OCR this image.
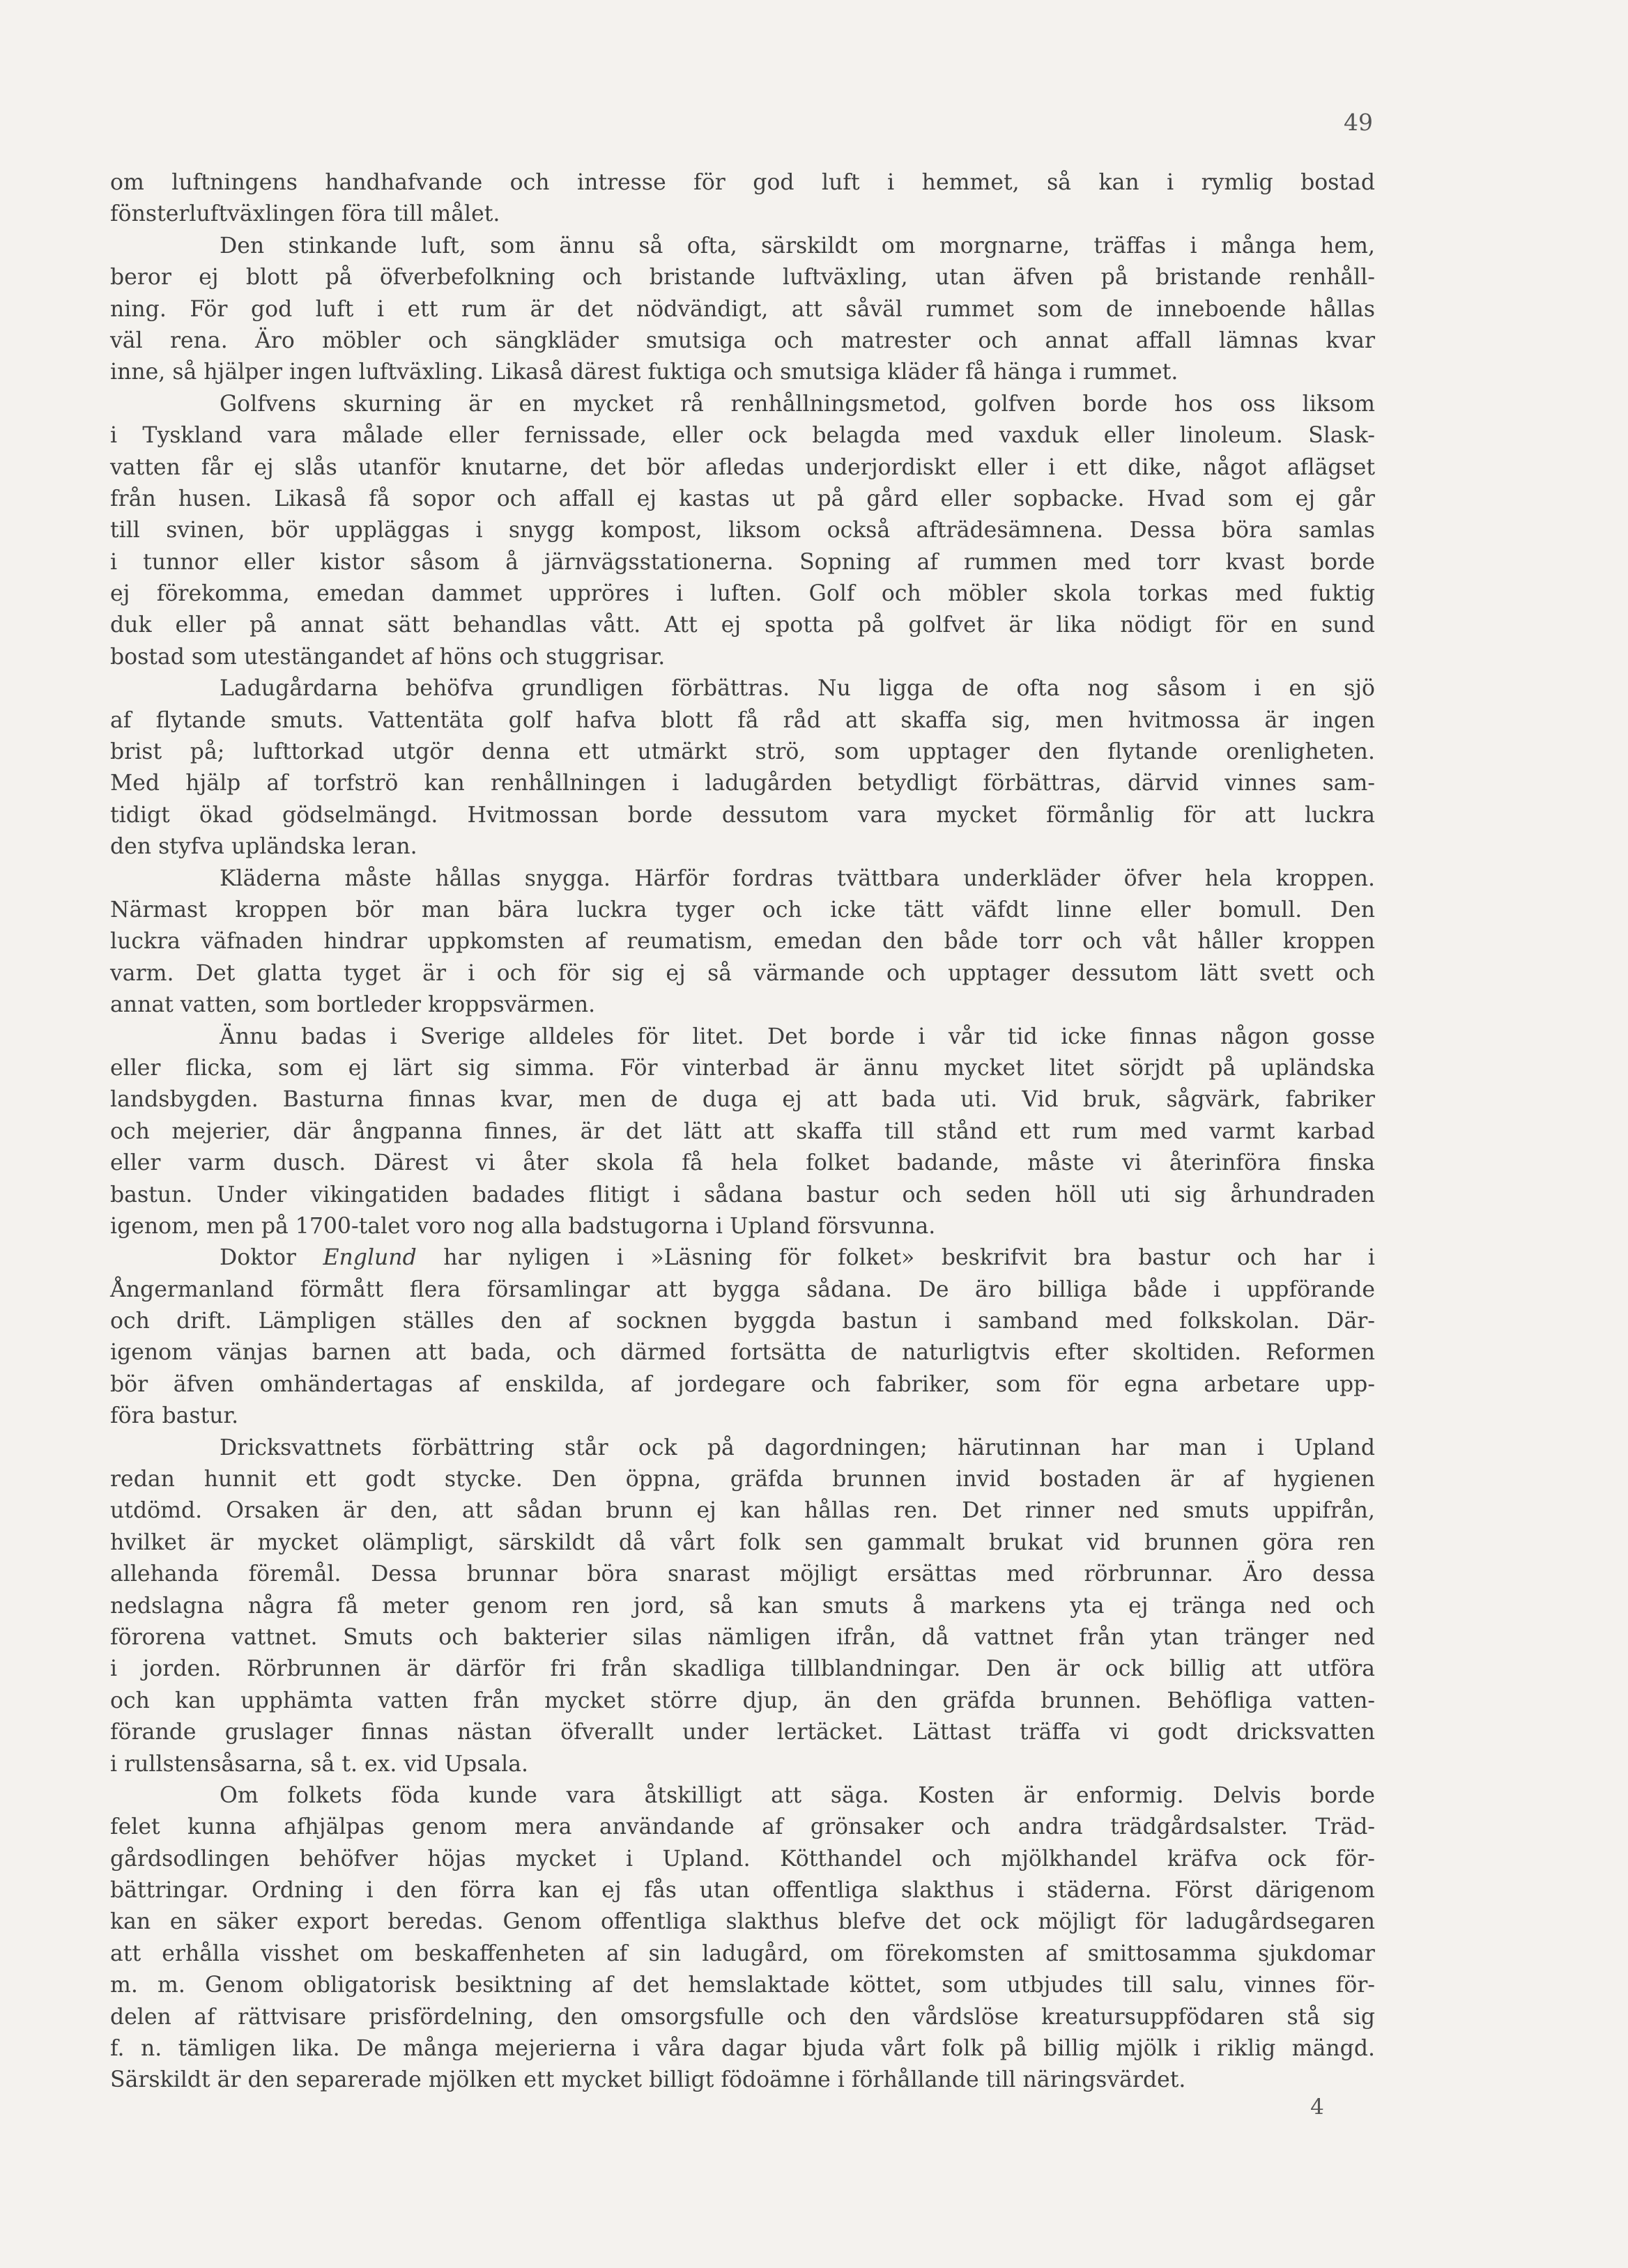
49
om luftningens handhafvande och intresse för god luft i hemmet, så kan i rymlig bostad
fönsterluftväxlingen föra till målet.
Den stinkande luft, som ännu så ofta, särskildt om morgnarne, träffas i många hem,
beror ej blott på öfverbefolkning och bristande luftväxling, utan äfven på bristande renhåll-
ning. För god luft i ett rum är det nödvändigt, att såväl rummet som de inneboende hållas
väl rena. Äro möbler och sängkläder smutsiga och matrester och annat affall lämnas kvar
inne, så hjälper ingen luftväxling. Likaså därest fuktiga och smutsiga kläder få hänga i rummet.
Golfvens skurning är en mycket rå renhållningsmetod, golfven borde hos oss liksom
i Tyskland vara målade eller fernissade, eller ock belagda med vaxduk eller linoleum. Slask-
vatten får ej slås utanför knutarne, det bör afledas underjordiskt eller i ett dike, något aflägset
från husen. Likaså få sopor och affall ej kastas ut på gård eller sopbacke. Hvad som ej går
till svinen, bör uppläggas i snygg kompost, liksom också afträdesämnena. Dessa böra samlas
i tunnor eller kistor såsom å järnvägsstationerna. Sopning af rummen med torr kvast borde
ej förekomma, emedan dammet uppröres i luften. Golf och möbler skola torkas med fuktig
duk eller på annat sätt behandlas vått. Att ej spotta på golfvet är lika nödigt för en sund
bostad som utestängandet af höns och stuggrisar.
Ladugårdarna behöfva grundligen förbättras. Nu ligga de ofta nog såsom i en sjö
af flytande smuts. Vattentäta golf hafva blott få råd att skaffa sig, men hvitmossa är ingen
brist på; lufttorkad utgör denna ett utmärkt strö, som upptager den flytande orenligheten.
Med hjälp af torfströ kan renhållningen i ladugården betydligt förbättras, därvid vinnes sam-
tidigt ökad gödselmängd. Hvitmossan borde dessutom vara mycket förmånlig för att luckra
den styfva upländska leran.
Kläderna måste hållas snygga. Härför fordras tvättbara underkläder öfver hela kroppen.
Närmast kroppen bör man bära luckra tyger och icke tätt väfdt linne eller bomull. Den
luckra väfnaden hindrar uppkomsten af reumatism, emedan den både torr och våt håller kroppen
varm. Det glatta tyget är i och för sig ej så värmande och upptager dessutom lätt svett och
annat vatten, som bortleder kroppsvärmen.
Ännu badas i Sverige alldeles för litet. Det borde i vår tid icke finnas någon gosse
eller flicka, som ej lärt sig simma. För vinterbad är ännu mycket litet sörjdt på upländska
landsbygden. Basturna finnas kvar, men de duga ej att bada uti. Vid bruk, sågvärk, fabriker
och mejerier, där ångpanna finnes, är det lätt att skaffa till stånd ett rum med varmt karbad
eller varm dusch. Därest vi åter skola få hela folket badande, måste vi återinföra finska
bastun. Under vikingatiden badades flitigt i sådana bastur och seden höll uti sig århundraden
igenom, men på 1700-talet voro nog alla badstugorna i Upland försvunna.
Doktor Englund har nyligen i »Läsning för folket» beskrifvit bra bastur och har i
Ångermanland förmått flera församlingar att bygga sådana. De äro billiga både i uppförande
och drift. Lämpligen ställes den af socknen byggda bastun i samband med folkskolan. Där-
igenom vänjas barnen att bada, och därmed fortsätta de naturligtvis efter skoltiden. Reformen
bör äfven omhändertagas af enskilda, af jordegare och fabriker, som för egna arbetare upp-
föra bastur.
Dricksvattnets förbättring står ock på dagordningen; härutinnan har man i Upland
redan hunnit ett godt stycke. Den öppna, gräfda brunnen invid bostaden är af hygienen
utdömd. Orsaken är den, att sådan brunn ej kan hållas ren. Det rinner ned smuts uppifrån,
hvilket är mycket olämpligt, särskildt då vårt folk sen gammalt brukat vid brunnen göra ren
allehanda föremål. Dessa brunnar böra snarast möjligt ersättas med rörbrunnar. Äro dessa
nedslagna några få meter genom ren jord, så kan smuts å markens yta ej tränga ned och
förorena vattnet. Smuts och bakterier silas nämligen ifrån, då vattnet från ytan tränger ned
i jorden. Rörbrunnen är därför fri från skadliga tillblandningar. Den är ock billig att utföra
och kan upphämta vatten från mycket större djup, än den gräfda brunnen. Behöfliga vatten-
förande gruslager finnas nästan öfverallt under lertäcket. Lättast träffa vi godt dricksvatten
i rullstensåsarna, så t. ex. vid Upsala.
Om folkets föda kunde vara åtskilligt att säga. Kosten är enformig. Delvis borde
felet kunna afhjälpas genom mera användande af grönsaker och andra trädgårdsalster. Träd-
gårdsodlingen behöfver höjas mycket i Upland. Kötthandel och mjölkhandel kräfva ock för-
bättringar. Ordning i den förra kan ej fås utan offentliga slakthus i städerna. Först därigenom
kan en säker export beredas. Genom offentliga slakthus blefve det ock möjligt för ladugårdsegaren
att erhålla visshet om beskaffenheten af sin ladugård, om förekomsten af smittosamma sjukdomar
m. m. Genom obligatorisk besiktning af det hemslaktade köttet, som utbjudes till salu, vinnes för-
delen af rättvisare prisfördelning, den omsorgsfulle och den vårdslöse kreatursuppfödaren stå sig
f. n. tämligen lika. De många mejerierna i våra dagar bjuda vårt folk på billig mjölk i riklig mängd.
Särskildt är den separerade mjölken ett mycket billigt födoämne i förhållande till näringsvärdet.
4
